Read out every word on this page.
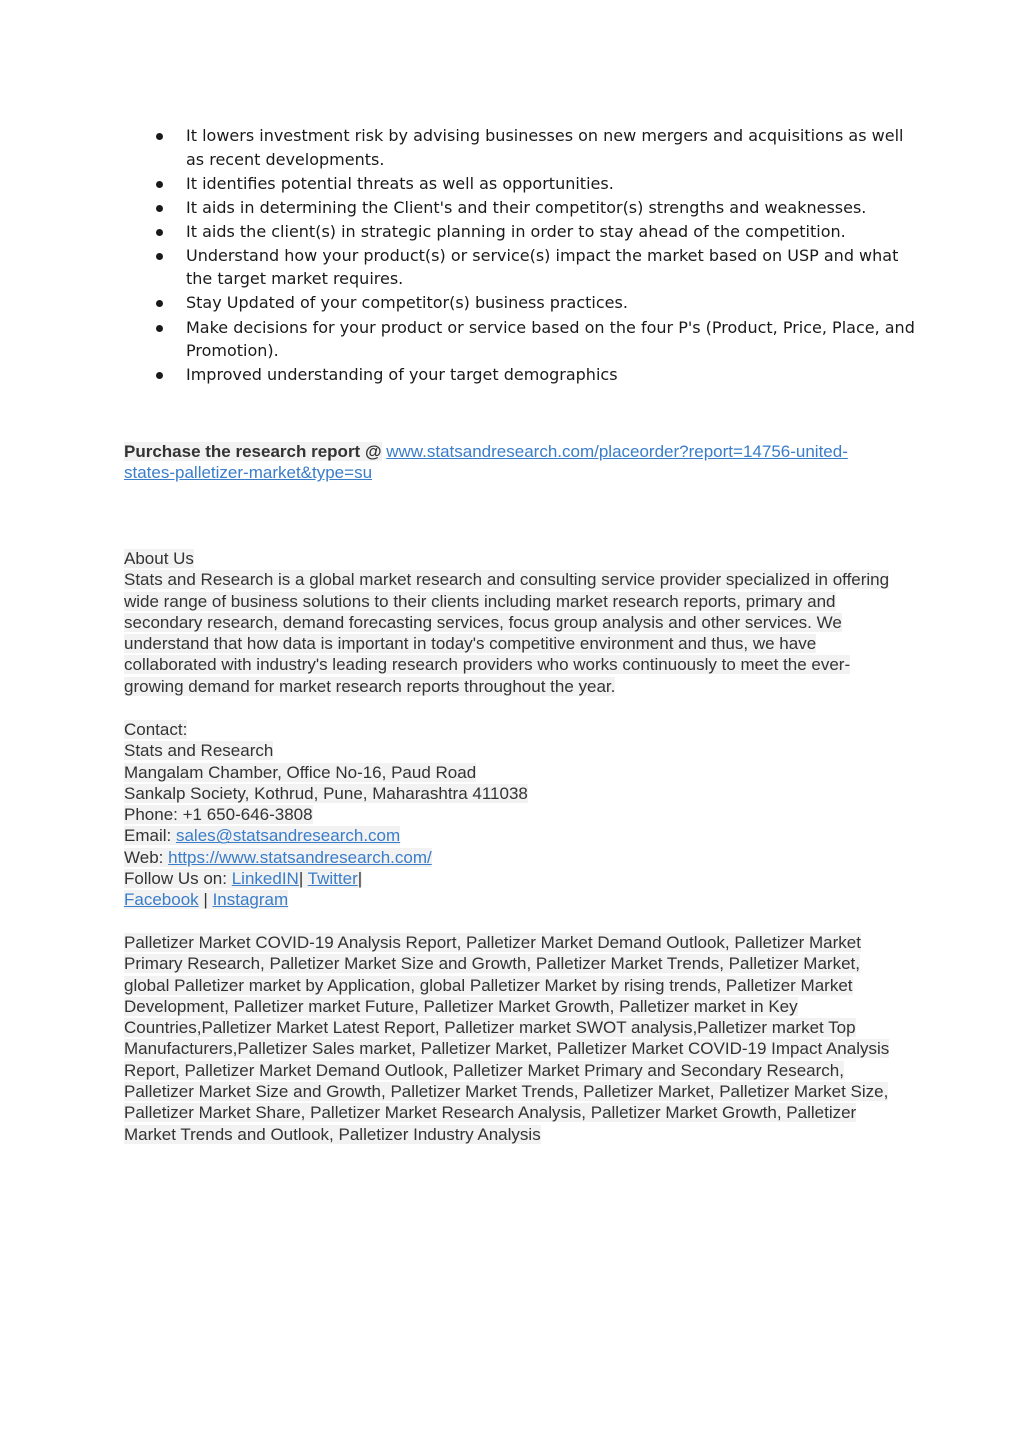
It lowers investment risk by advising businesses on new mergers and acquisitions as well as recent developments.
It identifies potential threats as well as opportunities.
It aids in determining the Client's and their competitor(s) strengths and weaknesses.
It aids the client(s) in strategic planning in order to stay ahead of the competition.
Understand how your product(s) or service(s) impact the market based on USP and what the target market requires.
Stay Updated of your competitor(s) business practices.
Make decisions for your product or service based on the four P's (Product, Price, Place, and Promotion).
Improved understanding of your target demographics
Purchase the research report @ www.statsandresearch.com/placeorder?report=14756-united-
states-palletizer-market&type=su
About Us
Stats and Research is a global market research and consulting service provider specialized in offering
wide range of business solutions to their clients including market research reports, primary and
secondary research, demand forecasting services, focus group analysis and other services. We
understand that how data is important in today's competitive environment and thus, we have
collaborated with industry's leading research providers who works continuously to meet the ever-
growing demand for market research reports throughout the year.
Contact:
Stats and Research
Mangalam Chamber, Office No-16, Paud Road
Sankalp Society, Kothrud, Pune, Maharashtra 411038
Phone: +1 650-646-3808
Email: sales@statsandresearch.com
Web: https://www.statsandresearch.com/
Follow Us on: LinkedIN| Twitter|
Facebook | Instagram
Palletizer Market COVID-19 Analysis Report, Palletizer Market Demand Outlook, Palletizer Market
Primary Research, Palletizer Market Size and Growth, Palletizer Market Trends, Palletizer Market,
global Palletizer market by Application, global Palletizer Market by rising trends, Palletizer Market
Development, Palletizer market Future, Palletizer Market Growth, Palletizer market in Key
Countries,Palletizer Market Latest Report, Palletizer market SWOT analysis,Palletizer market Top
Manufacturers,Palletizer Sales market, Palletizer Market, Palletizer Market COVID-19 Impact Analysis
Report, Palletizer Market Demand Outlook, Palletizer Market Primary and Secondary Research,
Palletizer Market Size and Growth, Palletizer Market Trends, Palletizer Market, Palletizer Market Size,
Palletizer Market Share, Palletizer Market Research Analysis, Palletizer Market Growth, Palletizer
Market Trends and Outlook, Palletizer Industry Analysis
